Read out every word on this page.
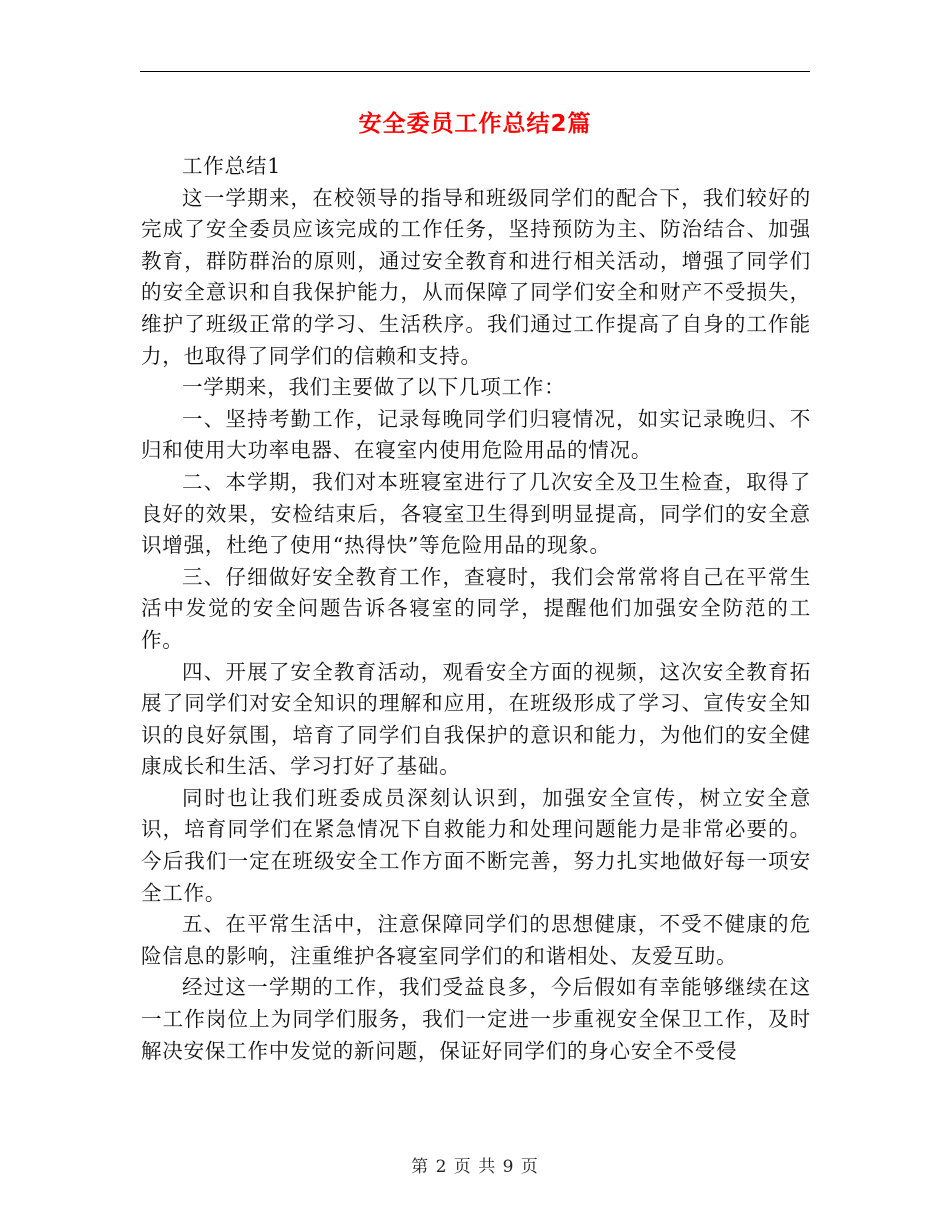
安全委员工作总结2篇

工作总结1

这一学期来，在校领导的指导和班级同学们的配合下，我们较好的完成了安全委员应该完成的工作任务，坚持预防为主、防治结合、加强教育，群防群治的原则，通过安全教育和进行相关活动，增强了同学们的安全意识和自我保护能力，从而保障了同学们安全和财产不受损失，维护了班级正常的学习、生活秩序。我们通过工作提高了自身的工作能力，也取得了同学们的信赖和支持。

一学期来，我们主要做了以下几项工作：

一、坚持考勤工作，记录每晚同学们归寝情况，如实记录晚归、不归和使用大功率电器、在寝室内使用危险用品的情况。

二、本学期，我们对本班寝室进行了几次安全及卫生检查，取得了良好的效果，安检结束后，各寝室卫生得到明显提高，同学们的安全意识增强，杜绝了使用“热得快”等危险用品的现象。

三、仔细做好安全教育工作，查寝时，我们会常常将自己在平常生活中发觉的安全问题告诉各寝室的同学，提醒他们加强安全防范的工作。

四、开展了安全教育活动，观看安全方面的视频，这次安全教育拓展了同学们对安全知识的理解和应用，在班级形成了学习、宣传安全知识的良好氛围，培育了同学们自我保护的意识和能力，为他们的安全健康成长和生活、学习打好了基础。

同时也让我们班委成员深刻认识到，加强安全宣传，树立安全意识，培育同学们在紧急情况下自救能力和处理问题能力是非常必要的。今后我们一定在班级安全工作方面不断完善，努力扎实地做好每一项安全工作。

五、在平常生活中，注意保障同学们的思想健康，不受不健康的危险信息的影响，注重维护各寝室同学们的和谐相处、友爱互助。

经过这一学期的工作，我们受益良多，今后假如有幸能够继续在这一工作岗位上为同学们服务，我们一定进一步重视安全保卫工作，及时解决安保工作中发觉的新问题，保证好同学们的身心安全不受侵

第 2 页 共 9 页
